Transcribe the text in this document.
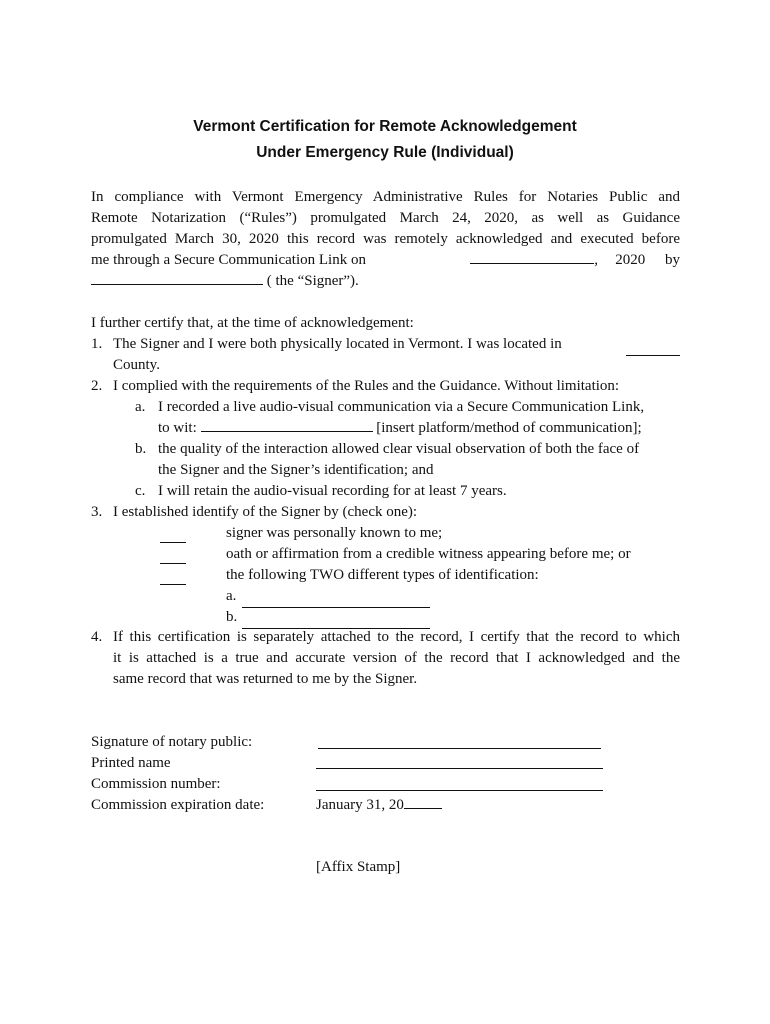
Vermont Certification for Remote Acknowledgement
Under Emergency Rule (Individual)
In compliance with Vermont Emergency Administrative Rules for Notaries Public and
Remote Notarization (“Rules”) promulgated March 24, 2020, as well as Guidance
promulgated March 30, 2020 this record was remotely acknowledged and executed before
me through a Secure Communication Link on	, 2020 by
( the “Signer”).
I further certify that, at the time of acknowledgement:
1. The Signer and I were both physically located in Vermont. I was located in
County.
2. I complied with the requirements of the Rules and the Guidance. Without limitation:
a. I recorded a live audio-visual communication via a Secure Communication Link,
to wit:	[insert platform/method of communication];
b. the quality of the interaction allowed clear visual observation of both the face of
the Signer and the Signer’s identification; and
c. I will retain the audio-visual recording for at least 7 years.
3. I established identify of the Signer by (check one):
signer was personally known to me;
oath or affirmation from a credible witness appearing before me; or
the following TWO different types of identification:
a.
b.
4. If this certification is separately attached to the record, I certify that the record to which
it is attached is a true and accurate version of the record that I acknowledged and the
same record that was returned to me by the Signer.
Signature of notary public:
Printed name
Commission number:
Commission expiration date:	January 31, 20
[Affix Stamp]
